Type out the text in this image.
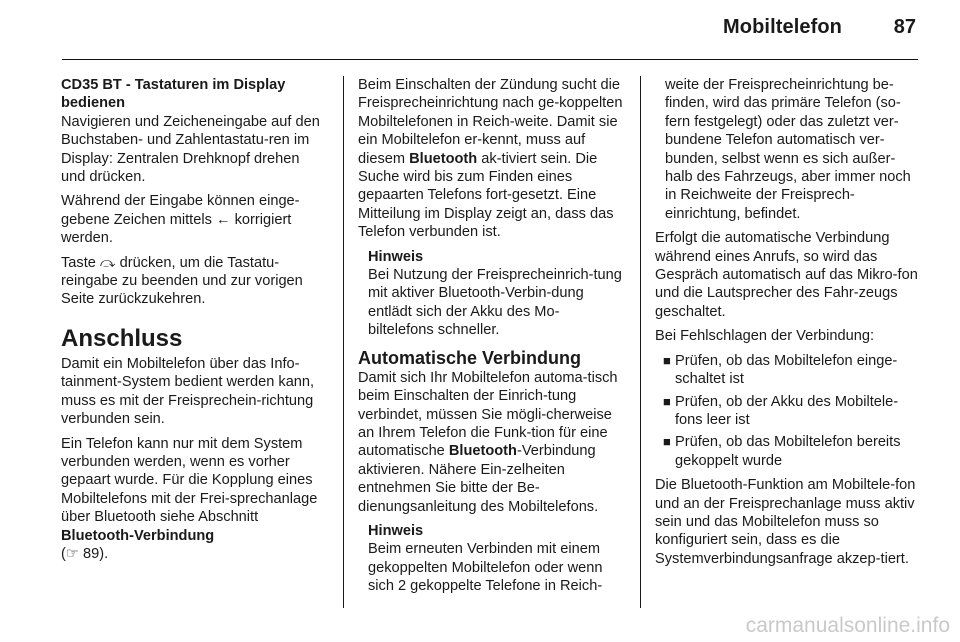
Mobiltelefon	87

CD35 BT - Tastaturen im Display bedienen

Navigieren und Zeicheneingabe auf den Buchstaben- und Zahlentastatu-ren im Display: Zentralen Drehknopf drehen und drücken.

Während der Eingabe können einge-gebene Zeichen mittels ← korrigiert werden.

Taste ⤼ drücken, um die Tastatu-reingabe zu beenden und zur vorigen Seite zurückzukehren.

Anschluss

Damit ein Mobiltelefon über das Info-tainment-System bedient werden kann, muss es mit der Freisprechein-richtung verbunden sein.

Ein Telefon kann nur mit dem System verbunden werden, wenn es vorher gepaart wurde. Für die Kopplung eines Mobiltelefons mit der Frei-sprechanlage über Bluetooth siehe Abschnitt Bluetooth-Verbindung
(☞ 89).

Beim Einschalten der Zündung sucht die Freisprecheinrichtung nach ge-koppelten Mobiltelefonen in Reich-weite. Damit sie ein Mobiltelefon er-kennt, muss auf diesem Bluetooth ak-tiviert sein. Die Suche wird bis zum Finden eines gepaarten Telefons fort-gesetzt. Eine Mitteilung im Display zeigt an, dass das Telefon verbunden ist.

Hinweis
Bei Nutzung der Freisprecheinrich-tung mit aktiver Bluetooth-Verbin-dung entlädt sich der Akku des Mo-biltelefons schneller.
Automatische Verbindung

Damit sich Ihr Mobiltelefon automa-tisch beim Einschalten der Einrich-tung verbindet, müssen Sie mögli-cherweise an Ihrem Telefon die Funk-tion für eine automatische Bluetooth-Verbindung aktivieren. Nähere Ein-zelheiten entnehmen Sie bitte der Be-dienungsanleitung des Mobiltelefons.

Hinweis
Beim erneuten Verbinden mit einem gekoppelten Mobiltelefon oder wenn sich 2 gekoppelte Telefone in Reich-

weite der Freisprecheinrichtung be-finden, wird das primäre Telefon (so-fern festgelegt) oder das zuletzt ver-bundene Telefon automatisch ver-bunden, selbst wenn es sich außer-halb des Fahrzeugs, aber immer noch in Reichweite der Freisprech-einrichtung, befindet.

Erfolgt die automatische Verbindung während eines Anrufs, so wird das Gespräch automatisch auf das Mikro-fon und die Lautsprecher des Fahr-zeugs geschaltet.

Bei Fehlschlagen der Verbindung:

■ Prüfen, ob das Mobiltelefon einge-schaltet ist
■ Prüfen, ob der Akku des Mobiltele-fons leer ist
■ Prüfen, ob das Mobiltelefon bereits gekoppelt wurde

Die Bluetooth-Funktion am Mobiltele-fon und an der Freisprechanlage muss aktiv sein und das Mobiltelefon muss so konfiguriert sein, dass es die Systemverbindungsanfrage akzep-tiert.

carmanualsonline.info
